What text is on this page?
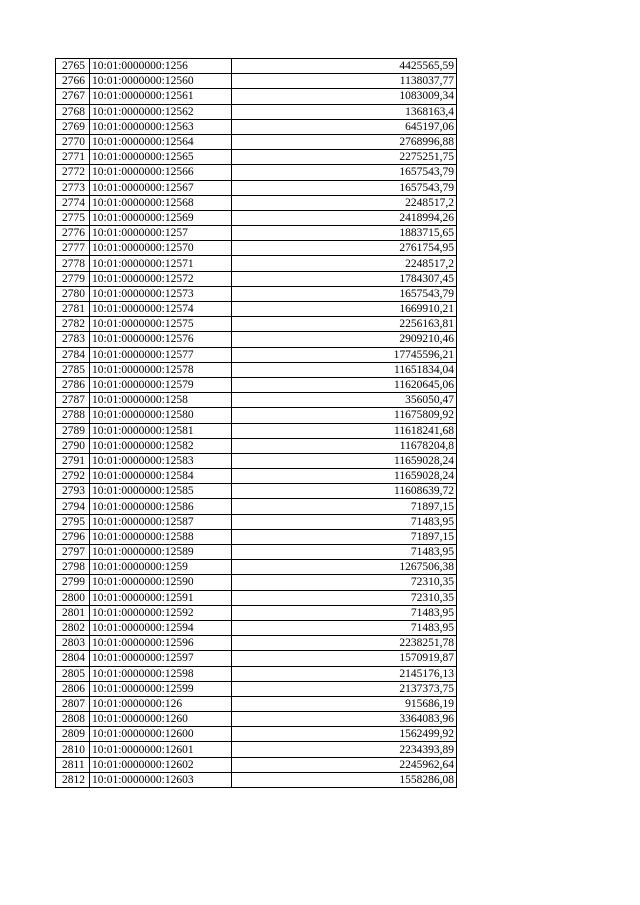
2765	10:01:0000000:1256	4425565,59
2766	10:01:0000000:12560	1138037,77
2767	10:01:0000000:12561	1083009,34
2768	10:01:0000000:12562	1368163,4
2769	10:01:0000000:12563	645197,06
2770	10:01:0000000:12564	2768996,88
2771	10:01:0000000:12565	2275251,75
2772	10:01:0000000:12566	1657543,79
2773	10:01:0000000:12567	1657543,79
2774	10:01:0000000:12568	2248517,2
2775	10:01:0000000:12569	2418994,26
2776	10:01:0000000:1257	1883715,65
2777	10:01:0000000:12570	2761754,95
2778	10:01:0000000:12571	2248517,2
2779	10:01:0000000:12572	1784307,45
2780	10:01:0000000:12573	1657543,79
2781	10:01:0000000:12574	1669910,21
2782	10:01:0000000:12575	2256163,81
2783	10:01:0000000:12576	2909210,46
2784	10:01:0000000:12577	17745596,21
2785	10:01:0000000:12578	11651834,04
2786	10:01:0000000:12579	11620645,06
2787	10:01:0000000:1258	356050,47
2788	10:01:0000000:12580	11675809,92
2789	10:01:0000000:12581	11618241,68
2790	10:01:0000000:12582	11678204,8
2791	10:01:0000000:12583	11659028,24
2792	10:01:0000000:12584	11659028,24
2793	10:01:0000000:12585	11608639,72
2794	10:01:0000000:12586	71897,15
2795	10:01:0000000:12587	71483,95
2796	10:01:0000000:12588	71897,15
2797	10:01:0000000:12589	71483,95
2798	10:01:0000000:1259	1267506,38
2799	10:01:0000000:12590	72310,35
2800	10:01:0000000:12591	72310,35
2801	10:01:0000000:12592	71483,95
2802	10:01:0000000:12594	71483,95
2803	10:01:0000000:12596	2238251,78
2804	10:01:0000000:12597	1570919,87
2805	10:01:0000000:12598	2145176,13
2806	10:01:0000000:12599	2137373,75
2807	10:01:0000000:126	915686,19
2808	10:01:0000000:1260	3364083,96
2809	10:01:0000000:12600	1562499,92
2810	10:01:0000000:12601	2234393,89
2811	10:01:0000000:12602	2245962,64
2812	10:01:0000000:12603	1558286,08
